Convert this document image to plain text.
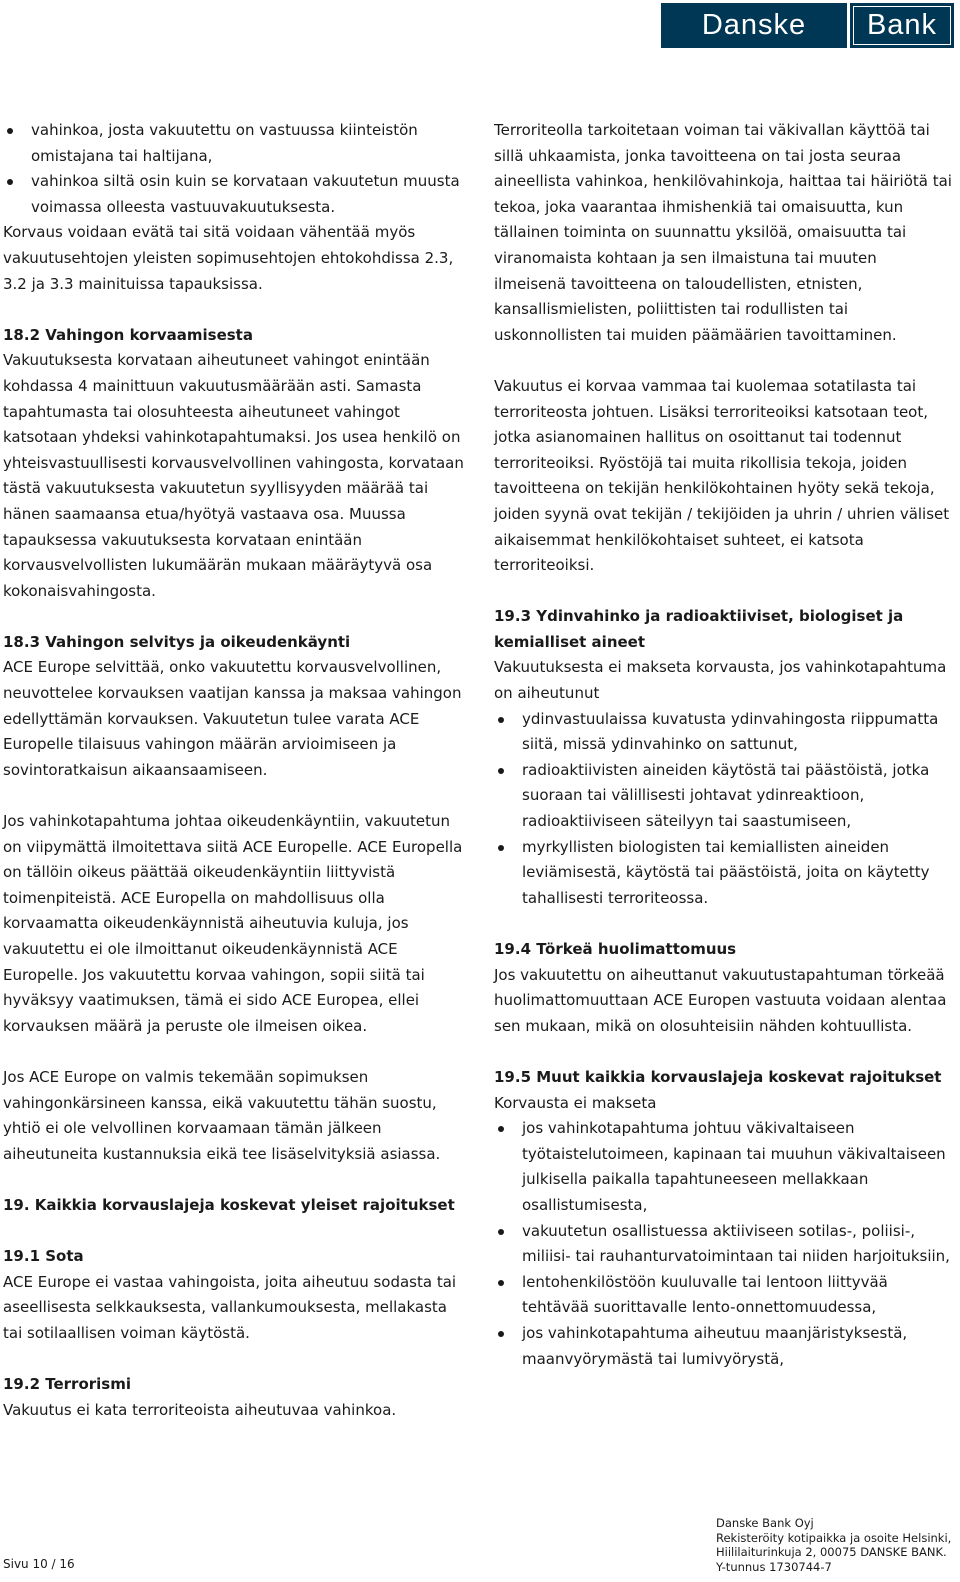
Danske	Bank
vahinkoa, josta vakuutettu on vastuussa kiinteistön omistajana tai haltijana,
vahinkoa siltä osin kuin se korvataan vakuutetun muusta voimassa olleesta vastuuvakuutuksesta.

Korvaus voidaan evätä tai sitä voidaan vähentää myös vakuutusehtojen yleisten sopimusehtojen ehtokohdissa 2.3, 3.2 ja 3.3 mainituissa tapauksissa.

18.2 Vahingon korvaamisesta

Vakuutuksesta korvataan aiheutuneet vahingot enintään kohdassa 4 mainittuun vakuutusmäärään asti. Samasta tapahtumasta tai olosuhteesta aiheutuneet vahingot katsotaan yhdeksi vahinkotapahtumaksi. Jos usea henkilö on yhteisvastuullisesti korvausvelvollinen vahingosta, korvataan tästä vakuutuksesta vakuutetun syyllisyyden määrää tai hänen saamaansa etua/hyötyä vastaava osa. Muussa tapauksessa vakuutuksesta korvataan enintään korvausvelvollisten lukumäärän mukaan määräytyvä osa kokonaisvahingosta.

18.3 Vahingon selvitys ja oikeudenkäynti

ACE Europe selvittää, onko vakuutettu korvausvelvollinen, neuvottelee korvauksen vaatijan kanssa ja maksaa vahingon edellyttämän korvauksen. Vakuutetun tulee varata ACE Europelle tilaisuus vahingon määrän arvioimiseen ja sovintoratkaisun aikaansaamiseen.

Jos vahinkotapahtuma johtaa oikeudenkäyntiin, vakuutetun on viipymättä ilmoitettava siitä ACE Europelle. ACE Europella on tällöin oikeus päättää oikeudenkäyntiin liittyvistä toimenpiteistä. ACE Europella on mahdollisuus olla korvaamatta oikeudenkäynnistä aiheutuvia kuluja, jos vakuutettu ei ole ilmoittanut oikeudenkäynnistä ACE Europelle. Jos vakuutettu korvaa vahingon, sopii siitä tai hyväksyy vaatimuksen, tämä ei sido ACE Europea, ellei korvauksen määrä ja peruste ole ilmeisen oikea.

Jos ACE Europe on valmis tekemään sopimuksen vahingonkärsineen kanssa, eikä vakuutettu tähän suostu, yhtiö ei ole velvollinen korvaamaan tämän jälkeen aiheutuneita kustannuksia eikä tee lisäselvityksiä asiassa.

19. Kaikkia korvauslajeja koskevat yleiset rajoitukset

19.1 Sota

ACE Europe ei vastaa vahingoista, joita aiheutuu sodasta tai aseellisesta selkkauksesta, vallankumouksesta, mellakasta tai sotilaallisen voiman käytöstä.

19.2 Terrorismi

Vakuutus ei kata terroriteoista aiheutuvaa vahinkoa.

Terroriteolla tarkoitetaan voiman tai väkivallan käyttöä tai sillä uhkaamista, jonka tavoitteena on tai josta seuraa aineellista vahinkoa, henkilövahinkoja, haittaa tai häiriötä tai tekoa, joka vaarantaa ihmishenkiä tai omaisuutta, kun tällainen toiminta on suunnattu yksilöä, omaisuutta tai viranomaista kohtaan ja sen ilmaistuna tai muuten ilmeisenä tavoitteena on taloudellisten, etnisten, kansallismielisten, poliittisten tai rodullisten tai uskonnollisten tai muiden päämäärien tavoittaminen.

Vakuutus ei korvaa vammaa tai kuolemaa sotatilasta tai terroriteosta johtuen. Lisäksi terroriteoiksi katsotaan teot, jotka asianomainen hallitus on osoittanut tai todennut terroriteoiksi. Ryöstöjä tai muita rikollisia tekoja, joiden tavoitteena on tekijän henkilökohtainen hyöty sekä tekoja, joiden syynä ovat tekijän / tekijöiden ja uhrin / uhrien väliset aikaisemmat henkilökohtaiset suhteet, ei katsota terroriteoiksi.

19.3 Ydinvahinko ja radioaktiiviset, biologiset ja kemialliset aineet

Vakuutuksesta ei makseta korvausta, jos vahinkotapahtuma on aiheutunut

ydinvastuulaissa kuvatusta ydinvahingosta riippumatta siitä, missä ydinvahinko on sattunut,
radioaktiivisten aineiden käytöstä tai päästöistä, jotka suoraan tai välillisesti johtavat ydinreaktioon, radioaktiiviseen säteilyyn tai saastumiseen,
myrkyllisten biologisten tai kemiallisten aineiden leviämisestä, käytöstä tai päästöistä, joita on käytetty tahallisesti terroriteossa.

19.4 Törkeä huolimattomuus

Jos vakuutettu on aiheuttanut vakuutustapahtuman törkeää huolimattomuuttaan ACE Europen vastuuta voidaan alentaa sen mukaan, mikä on olosuhteisiin nähden kohtuullista.

19.5 Muut kaikkia korvauslajeja koskevat rajoitukset

Korvausta ei makseta

jos vahinkotapahtuma johtuu väkivaltaiseen työtaistelutoimeen, kapinaan tai muuhun väkivaltaiseen julkisella paikalla tapahtuneeseen mellakkaan osallistumisesta,
vakuutetun osallistuessa aktiiviseen sotilas-, poliisi-, miliisi- tai rauhanturvatoimintaan tai niiden harjoituksiin,
lentohenkilöstöön kuuluvalle tai lentoon liittyvää tehtävää suorittavalle lento-onnettomuudessa,
jos vahinkotapahtuma aiheutuu maanjäristyksestä, maanvyörymästä tai lumivyörystä,
Sivu 10 / 16
Danske Bank Oyj
Rekisteröity kotipaikka ja osoite Helsinki,
Hiililaiturinkuja 2, 00075 DANSKE BANK.
Y-tunnus 1730744-7
